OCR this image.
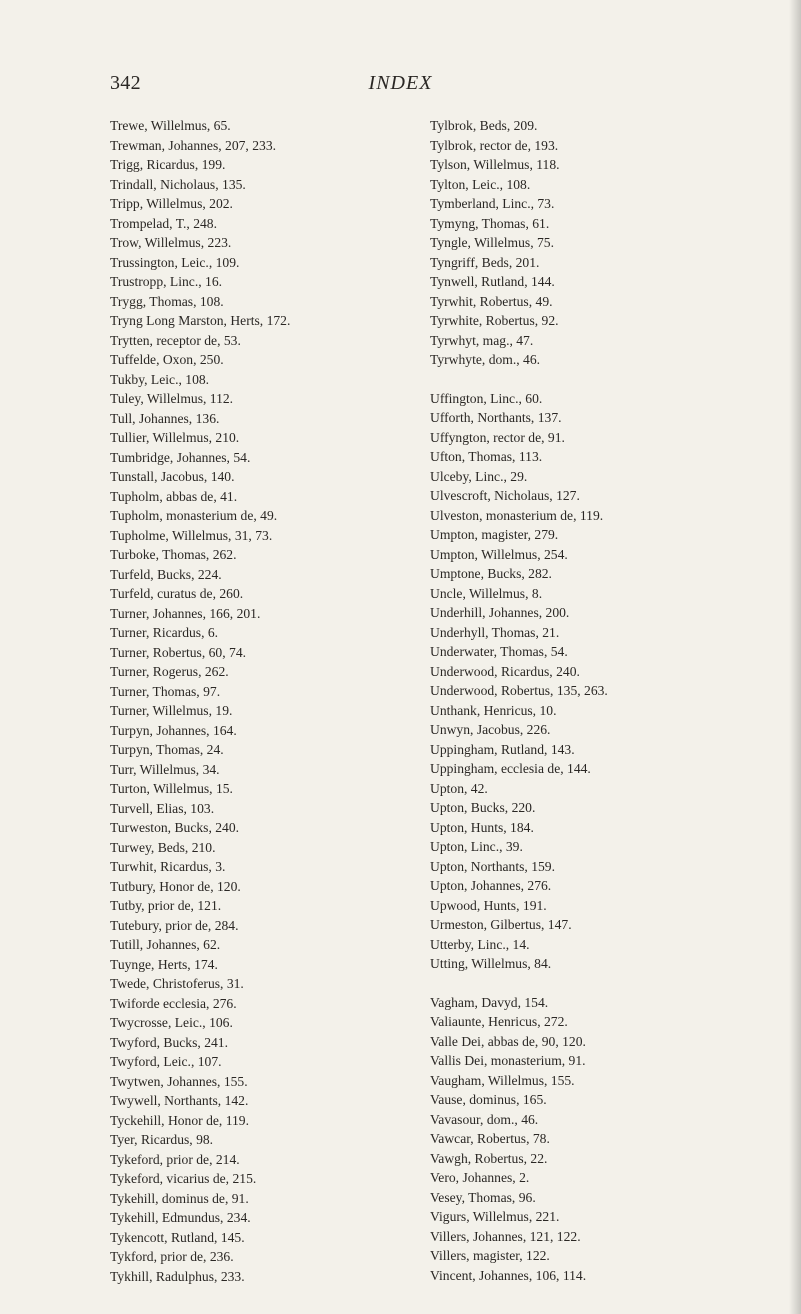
342	INDEX
Trewe, Willelmus, 65.
Trewman, Johannes, 207, 233.
Trigg, Ricardus, 199.
Trindall, Nicholaus, 135.
Tripp, Willelmus, 202.
Trompelad, T., 248.
Trow, Willelmus, 223.
Trussington, Leic., 109.
Trustropp, Linc., 16.
Trygg, Thomas, 108.
Tryng Long Marston, Herts, 172.
Trytten, receptor de, 53.
Tuffelde, Oxon, 250.
Tukby, Leic., 108.
Tuley, Willelmus, 112.
Tull, Johannes, 136.
Tullier, Willelmus, 210.
Tumbridge, Johannes, 54.
Tunstall, Jacobus, 140.
Tupholm, abbas de, 41.
Tupholm, monasterium de, 49.
Tupholme, Willelmus, 31, 73.
Turboke, Thomas, 262.
Turfeld, Bucks, 224.
Turfeld, curatus de, 260.
Turner, Johannes, 166, 201.
Turner, Ricardus, 6.
Turner, Robertus, 60, 74.
Turner, Rogerus, 262.
Turner, Thomas, 97.
Turner, Willelmus, 19.
Turpyn, Johannes, 164.
Turpyn, Thomas, 24.
Turr, Willelmus, 34.
Turton, Willelmus, 15.
Turvell, Elias, 103.
Turweston, Bucks, 240.
Turwey, Beds, 210.
Turwhit, Ricardus, 3.
Tutbury, Honor de, 120.
Tutby, prior de, 121.
Tutebury, prior de, 284.
Tutill, Johannes, 62.
Tuynge, Herts, 174.
Twede, Christoferus, 31.
Twiforde ecclesia, 276.
Twycrosse, Leic., 106.
Twyford, Bucks, 241.
Twyford, Leic., 107.
Twytwen, Johannes, 155.
Twywell, Northants, 142.
Tyckehill, Honor de, 119.
Tyer, Ricardus, 98.
Tykeford, prior de, 214.
Tykeford, vicarius de, 215.
Tykehill, dominus de, 91.
Tykehill, Edmundus, 234.
Tykencott, Rutland, 145.
Tykford, prior de, 236.
Tykhill, Radulphus, 233.
Tylbrok, Beds, 209.
Tylbrok, rector de, 193.
Tylson, Willelmus, 118.
Tylton, Leic., 108.
Tymberland, Linc., 73.
Tymyng, Thomas, 61.
Tyngle, Willelmus, 75.
Tyngriff, Beds, 201.
Tynwell, Rutland, 144.
Tyrwhit, Robertus, 49.
Tyrwhite, Robertus, 92.
Tyrwhyt, mag., 47.
Tyrwhyte, dom., 46.
Uffington, Linc., 60.
Ufforth, Northants, 137.
Uffyngton, rector de, 91.
Ufton, Thomas, 113.
Ulceby, Linc., 29.
Ulvescroft, Nicholaus, 127.
Ulveston, monasterium de, 119.
Umpton, magister, 279.
Umpton, Willelmus, 254.
Umptone, Bucks, 282.
Uncle, Willelmus, 8.
Underhill, Johannes, 200.
Underhyll, Thomas, 21.
Underwater, Thomas, 54.
Underwood, Ricardus, 240.
Underwood, Robertus, 135, 263.
Unthank, Henricus, 10.
Unwyn, Jacobus, 226.
Uppingham, Rutland, 143.
Uppingham, ecclesia de, 144.
Upton, 42.
Upton, Bucks, 220.
Upton, Hunts, 184.
Upton, Linc., 39.
Upton, Northants, 159.
Upton, Johannes, 276.
Upwood, Hunts, 191.
Urmeston, Gilbertus, 147.
Utterby, Linc., 14.
Utting, Willelmus, 84.
Vagham, Davyd, 154.
Valiaunte, Henricus, 272.
Valle Dei, abbas de, 90, 120.
Vallis Dei, monasterium, 91.
Vaugham, Willelmus, 155.
Vause, dominus, 165.
Vavasour, dom., 46.
Vawcar, Robertus, 78.
Vawgh, Robertus, 22.
Vero, Johannes, 2.
Vesey, Thomas, 96.
Vigurs, Willelmus, 221.
Villers, Johannes, 121, 122.
Villers, magister, 122.
Vincent, Johannes, 106, 114.
